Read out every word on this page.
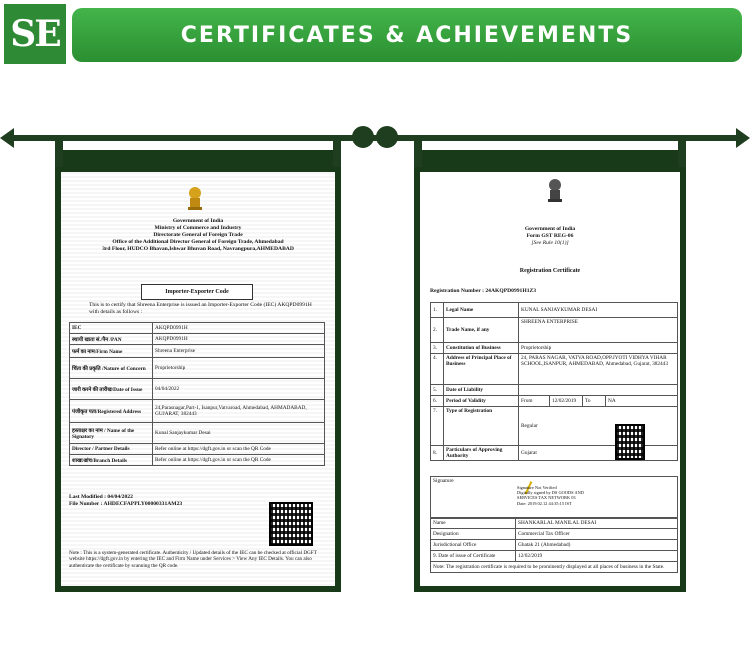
SE	CERTIFICATES & ACHIEVEMENTS
Government of India
Ministry of Commerce and Industry
Directorate General of Foreign Trade
Office of the Additional Director General of Foreign Trade, Ahmedabad
3rd Floor, HUDCO Bhavan,Ishwar Bhuvan Road, Navrangpura,AHMEDABAD
Importer-Exporter Code
This is to certify that Shreena Enterprise is issued an Importer-Exporter Code (IEC) AKQPD0991H with details as follows :
IEC	AKQPD0991H
स्थायी खाता सं./पैन /PAN	AKQPD0991H
फर्म का नाम/Firm Name	Shreena Enterprise
चिंता की प्रकृति /Nature of Concern	Proprietorship
जारी करने की तारीख/Date of Issue	04/04/2022
पंजीकृत पता/Registered Address	24,Parasnagar,Part-1, Isanpur,Vatvaroad, Ahmedabad, AHMADABAD, GUJARAT, 382443
हस्ताक्षर का नाम / Name of the Signatory	Kunal Sanjaykumar Desai
Director / Partner Details	Refer online at https://dgft.gov.in or scan the QR Code
शाखा/ब्रांच/Branch Details	Refer online at https://dgft.gov.in or scan the QR Code
Last Modified : 04/04/2022
File Number : AHDECFAPPLY00000331AM23
Note : This is a system-generated certificate. Authenticity / Updated details of the IEC can be checked at official DGFT website https://dgft.gov.in by entering the IEC and Firm Name under Services > View Any IEC Details. You can also authenticate the certificate by scanning the QR code.
Government of India
Form GST REG-06
[See Rule 10(1)]
Registration Certificate
Registration Number : 24AKQPD0991H1Z3
1.	Legal Name	KUNAL SANJAYKUMAR DESAI			
2.	Trade Name, if any	SHREENA ENTERPRISE			
3.	Constitution of Business	Proprietorship			
4.	Address of Principal Place of Business	24, PARAS NAGAR, VATVA ROAD,OPP.JYOTI VIDHYA VIHAR SCHOOL,ISANPUR, AHMEDABAD, Ahmedabad, Gujarat, 382443			
5.	Date of Liability				
6.	Period of Validity	From	12/02/2019	To	NA
7.	Type of Registration	Regular			
8.	Particulars of Approving Authority	Gujarat			
Signature
Signature Not Verified
Digitally signed by DS GOODS AND
SERVICES TAX NETWORK 03
Date: 2019.02.12 44:35:15 IST
Name	SHANKARLAL MANILAL DESAI
Designation	Commercial Tax Officer
Jurisdictional Office	Ghatak 21 (Ahmedabad)
9. Date of issue of Certificate	12/02/2019
Note: The registration certificate is required to be prominently displayed at all places of business in the State.	
